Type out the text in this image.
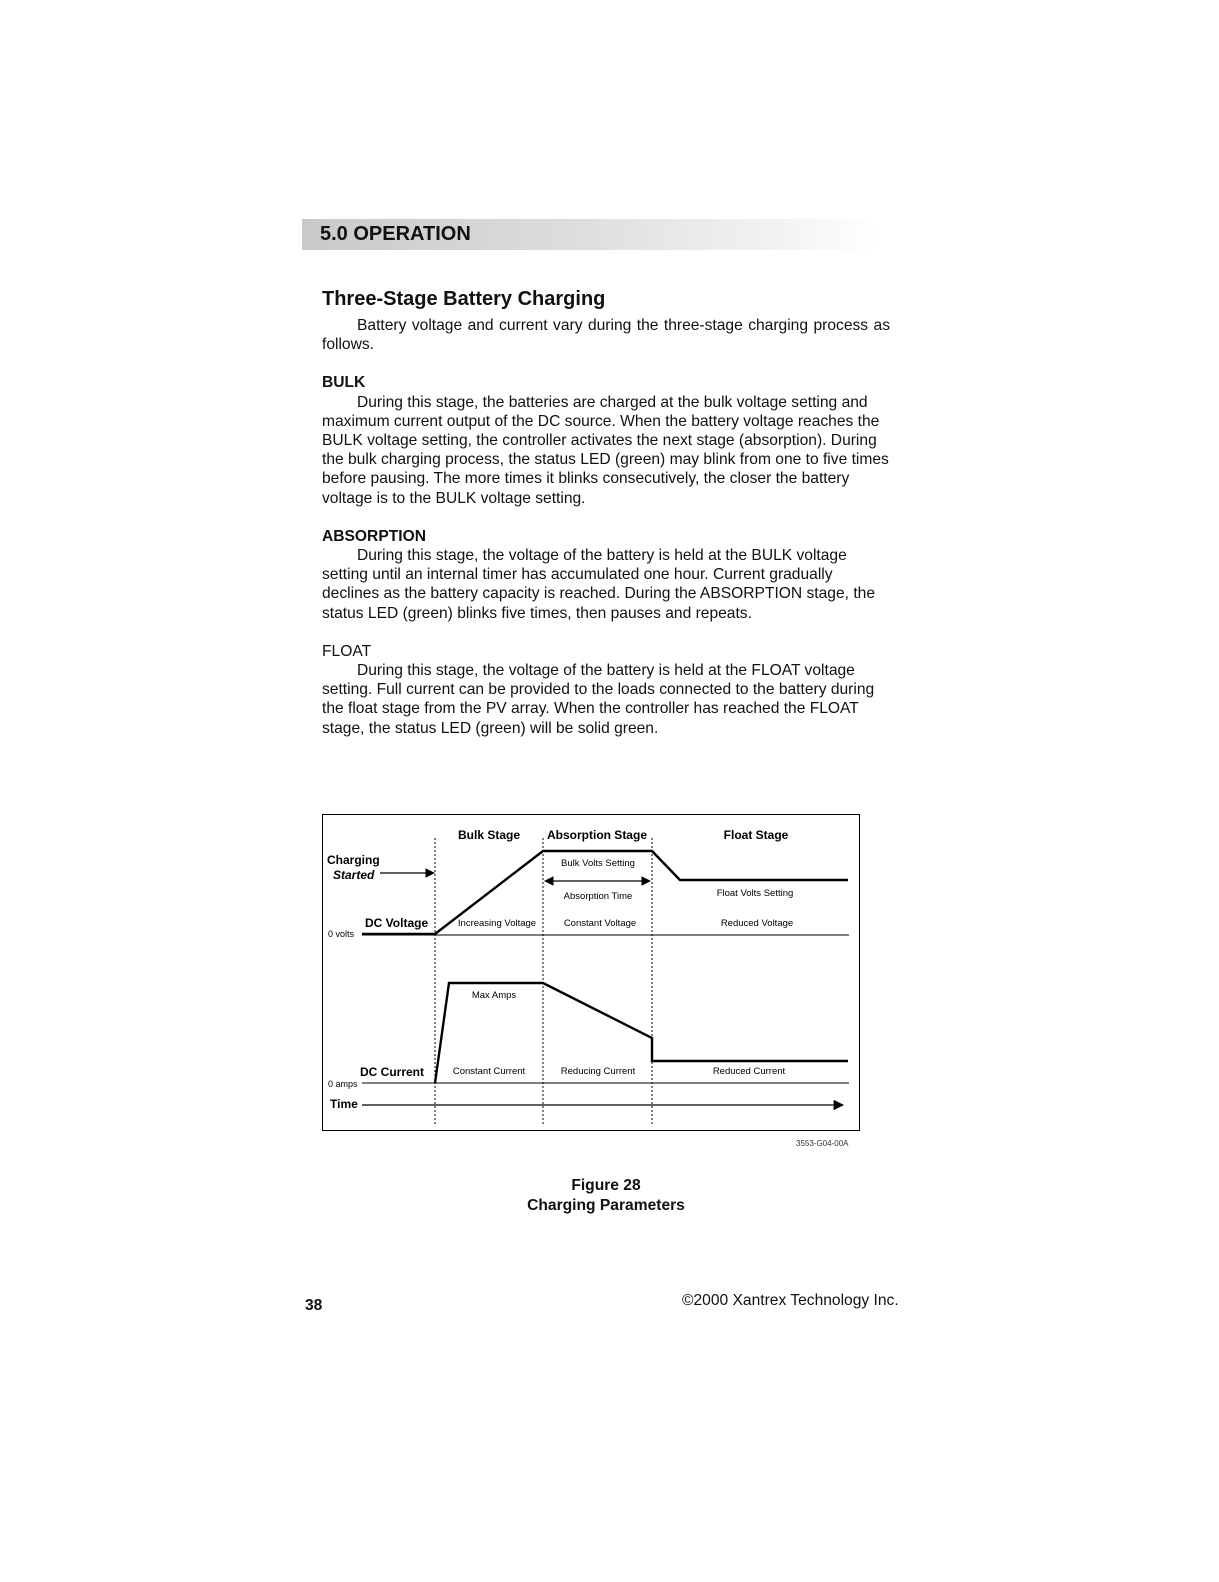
5.0 OPERATION
Three-Stage Battery Charging

Battery voltage and current vary during the three-stage charging process as follows.

BULK

During this stage, the batteries are charged at the bulk voltage setting and maximum current output of the DC source. When the battery voltage reaches the BULK voltage setting, the controller activates the next stage (absorption). During the bulk charging process, the status LED (green) may blink from one to five times before pausing. The more times it blinks consecutively, the closer the battery voltage is to the BULK voltage setting.

ABSORPTION

During this stage, the voltage of the battery is held at the BULK voltage setting until an internal timer has accumulated one hour. Current gradually declines as the battery capacity is reached. During the ABSORPTION stage, the status LED (green) blinks five times, then pauses and repeats.

FLOAT

During this stage, the voltage of the battery is held at the FLOAT voltage setting. Full current can be provided to the loads connected to the battery during the float stage from the PV array. When the controller has reached the FLOAT stage, the status LED (green) will be solid green.

Bulk Stage Absorption Stage	Float Stage
Charging
Started
Bulk Volts Setting
Absorption Time	Float Volts Setting
DC Voltage
0 volts
Increasing Voltage	Constant Voltage	Reduced Voltage
Max Amps
DC Current
0 amps
Constant Current	Reducing Current	Reduced Current
Time
3553-G04-00A
Figure 28
Charging Parameters
38	©2000 Xantrex Technology Inc.
